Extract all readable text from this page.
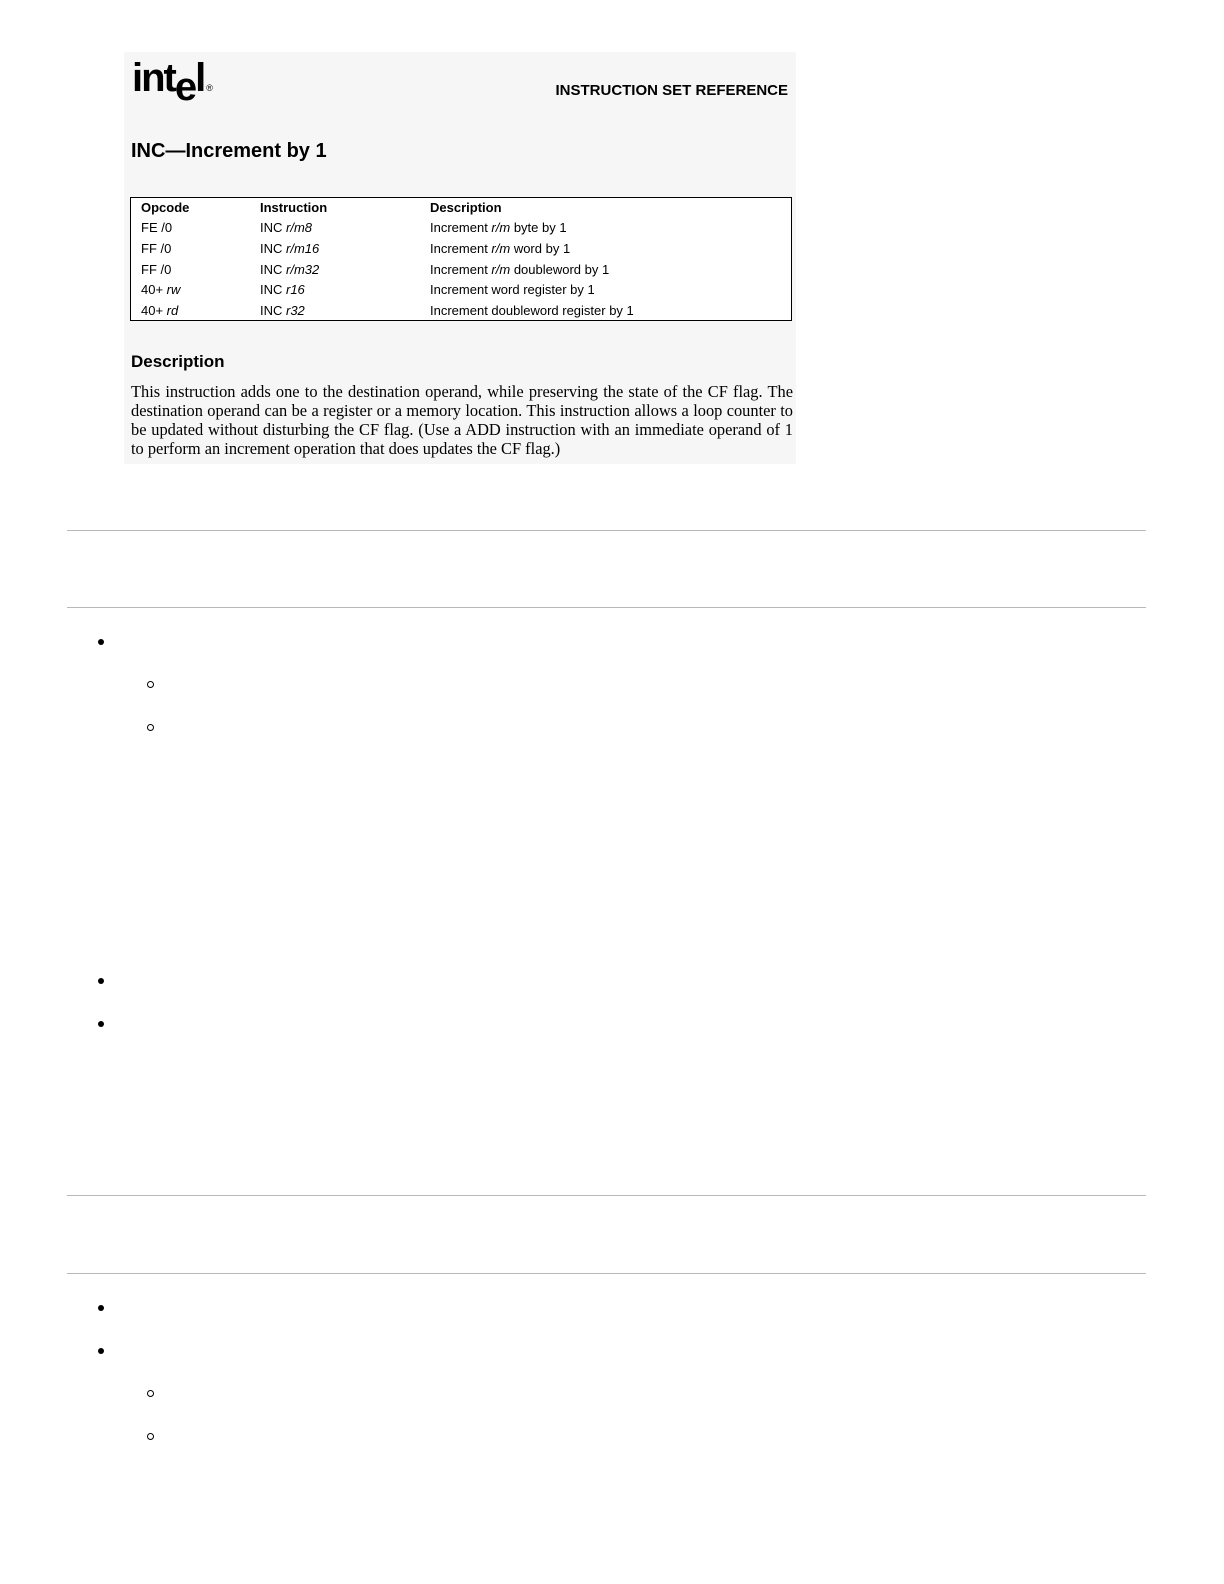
intel ®	INSTRUCTION SET REFERENCE
INC—Increment by 1
Opcode	Instruction	Description
FE /0	INC r/m8	Increment r/m byte by 1
FF /0	INC r/m16	Increment r/m word by 1
FF /0	INC r/m32	Increment r/m doubleword by 1
40+ rw	INC r16	Increment word register by 1
40+ rd	INC r32	Increment doubleword register by 1
Description
This instruction adds one to the destination operand, while preserving the state of the CF flag. The destination operand can be a register or a memory location. This instruction allows a loop counter to be updated without disturbing the CF flag. (Use a ADD instruction with an immediate operand of 1 to perform an increment operation that does updates the CF flag.)
